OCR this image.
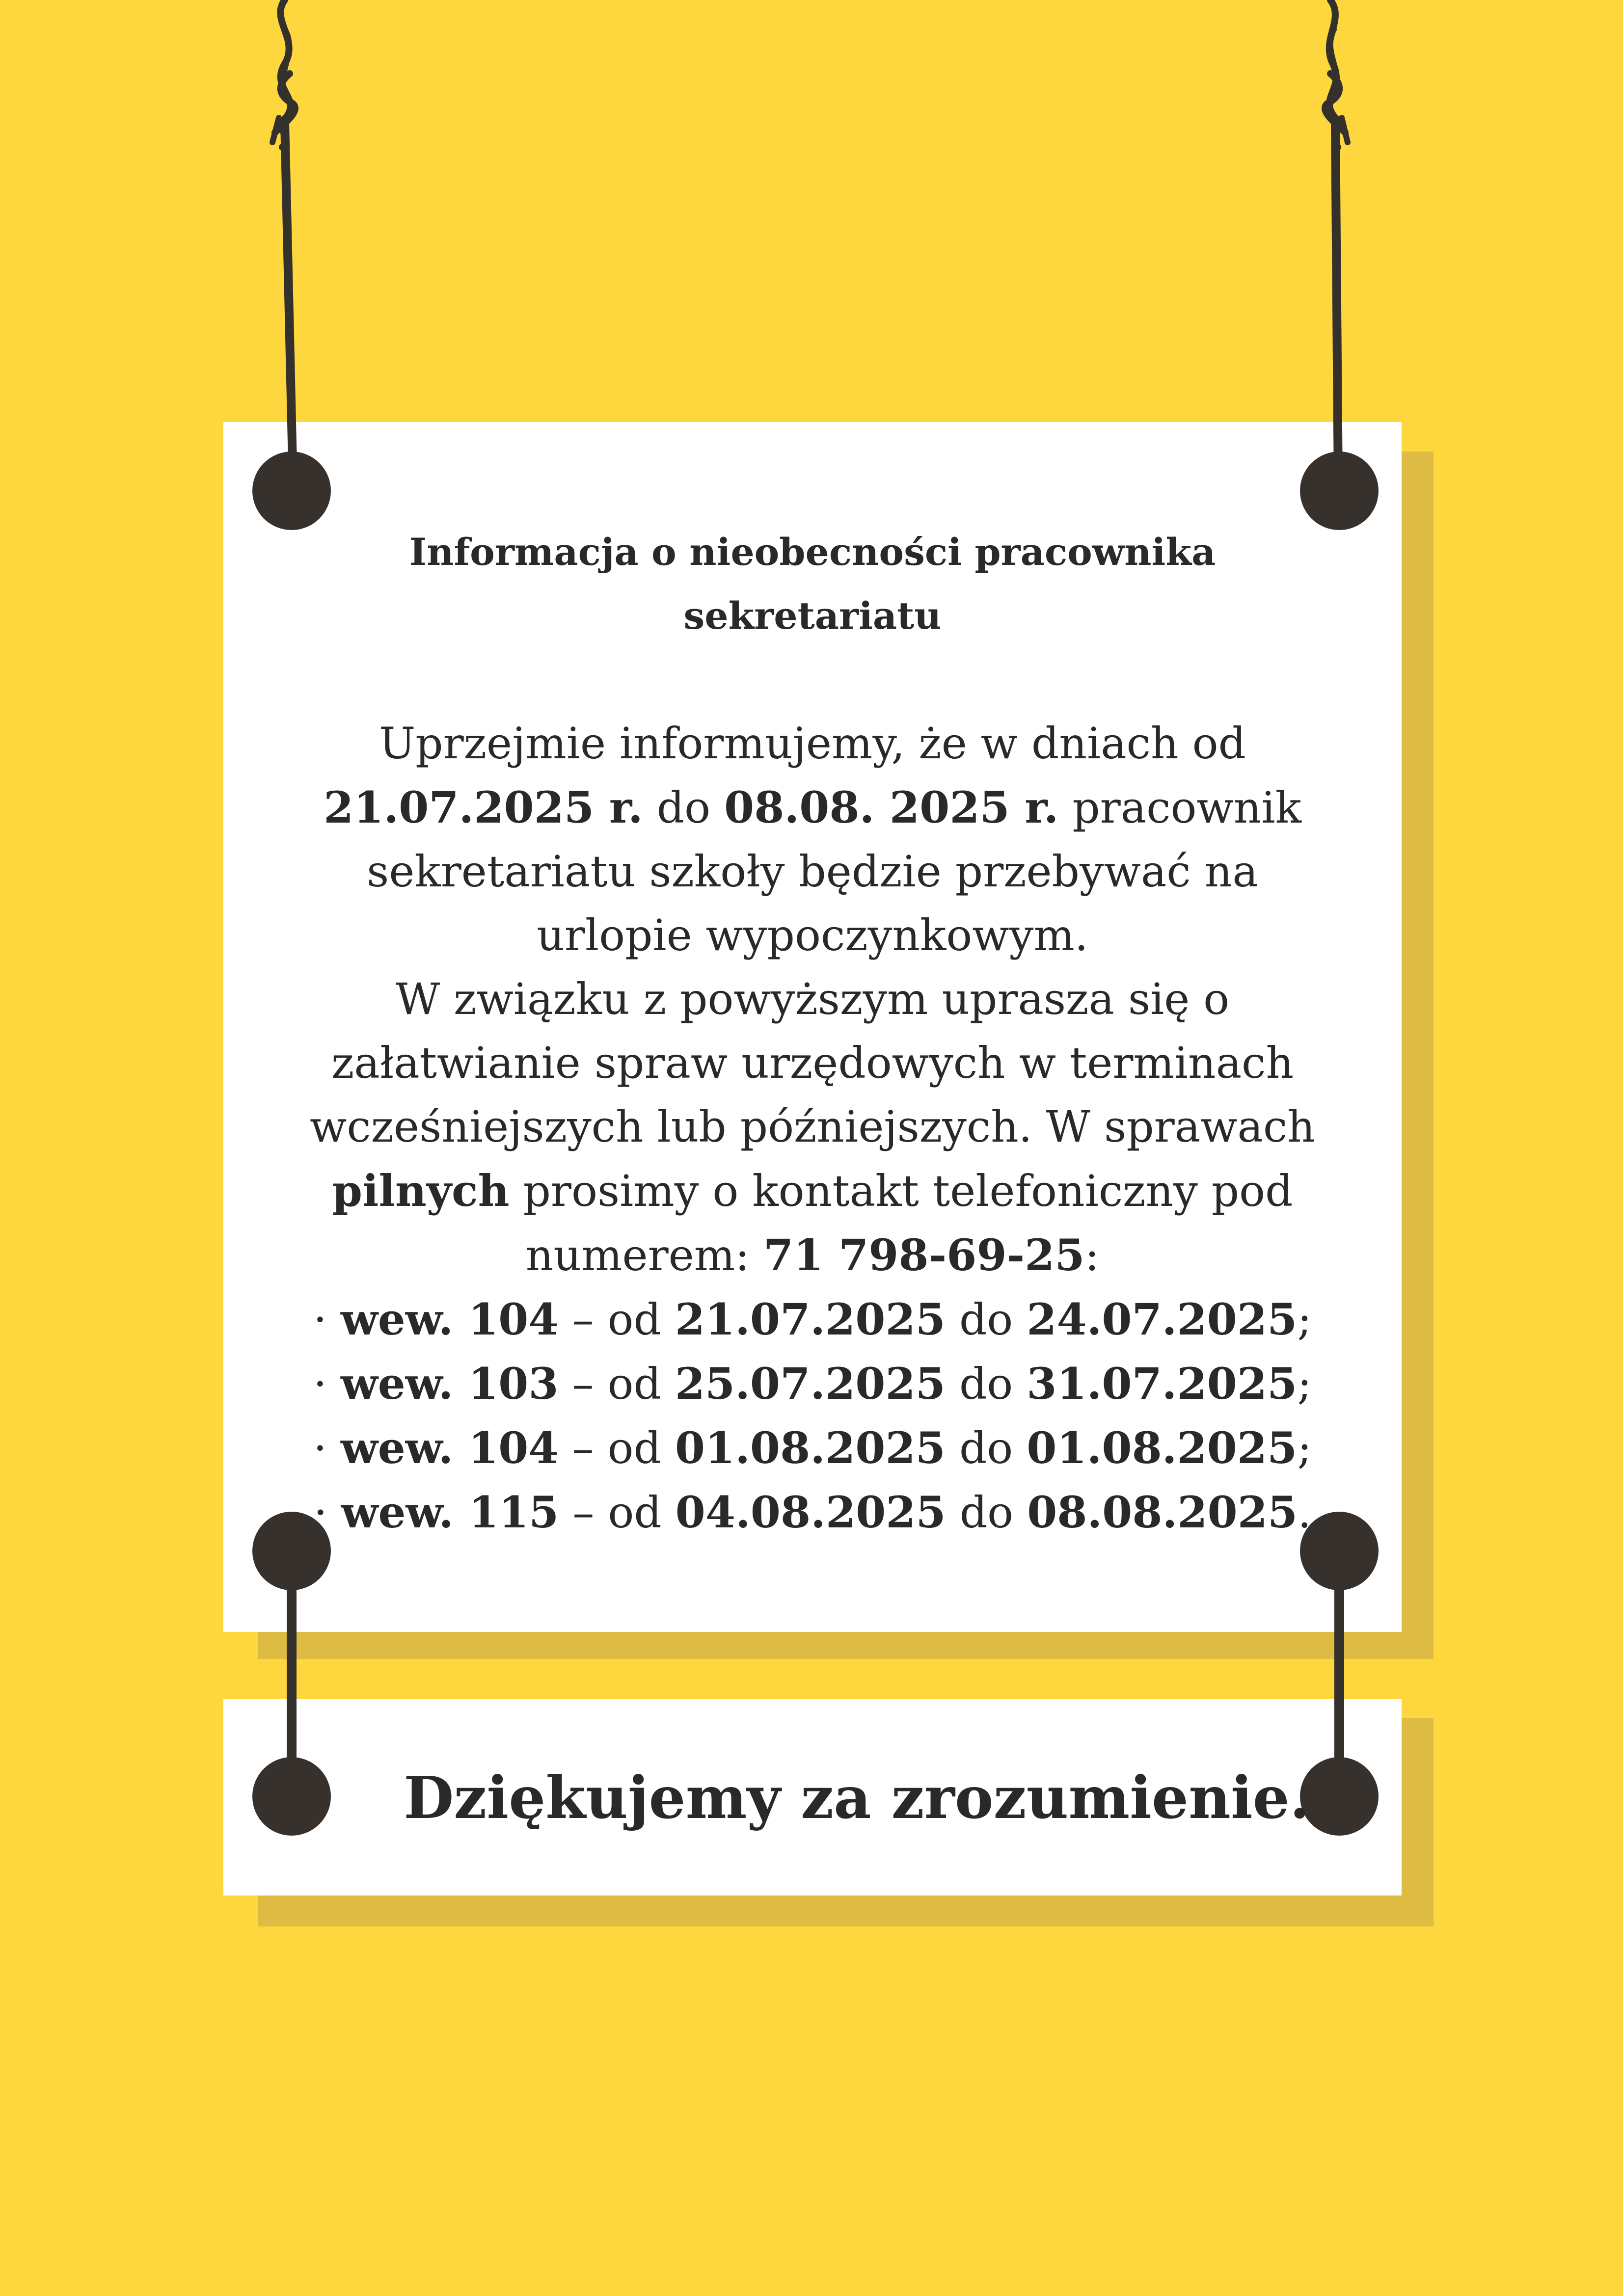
Informacja o nieobecności pracownika
sekretariatu
Uprzejmie informujemy, że w dniach od
21.07.2025 r. do 08.08. 2025 r. pracownik
sekretariatu szkoły będzie przebywać na
urlopie wypoczynkowym.
W związku z powyższym uprasza się o
załatwianie spraw urzędowych w terminach
wcześniejszych lub późniejszych. W sprawach
pilnych prosimy o kontakt telefoniczny pod
numerem: 71 798-69-25:
· wew. 104 – od 21.07.2025 do 24.07.2025;
· wew. 103 – od 25.07.2025 do 31.07.2025;
· wew. 104 – od 01.08.2025 do 01.08.2025;
· wew. 115 – od 04.08.2025 do 08.08.2025.
Dziękujemy za zrozumienie.
